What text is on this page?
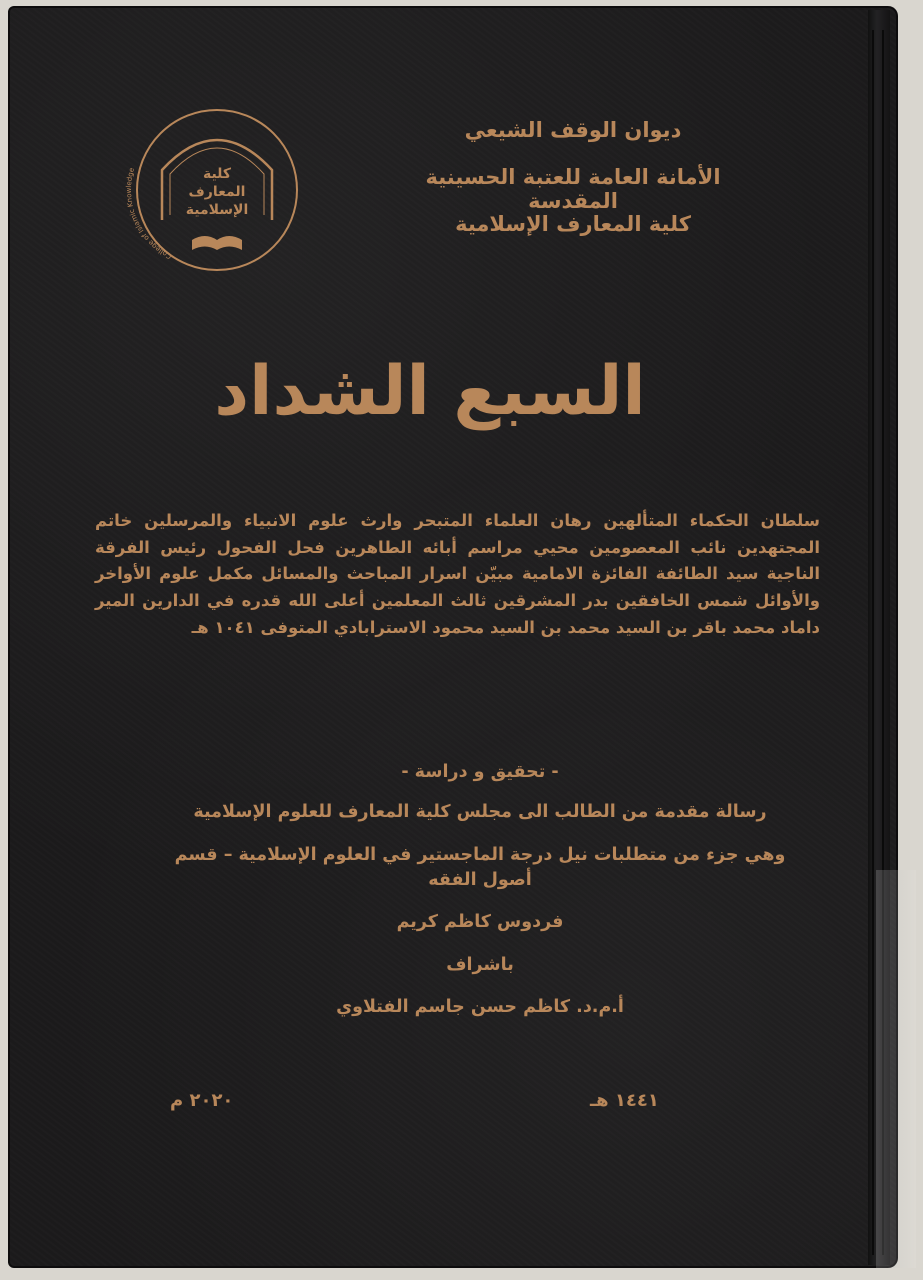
ديوان الوقف الشيعي
الأمانة العامة للعتبة الحسينية المقدسة
كلية المعارف الإسلامية
كلية
المعارف
الإسلامية
College of Islamic Knowledge
السبع الشداد
سلطان الحكماء المتألهين رهان العلماء المتبحر وارث علوم الانبياء والمرسلين خاتم المجتهدين نائب المعصومين محيي مراسم أبائه الطاهرين فحل الفحول رئيس الفرقة الناجية سيد الطائفة الفائزة الامامية مبيّن اسرار المباحث والمسائل مكمل علوم الأواخر والأوائل شمس الخافقين بدر المشرقين ثالث المعلمين أعلى الله قدره في الدارين المير داماد محمد باقر بن السيد محمد بن السيد محمود الاسترابادي المتوفى ١٠٤١ هـ
- تحقيق و دراسة -
رسالة مقدمة من الطالب الى مجلس كلية المعارف للعلوم الإسلامية
وهي جزء من متطلبات نيل درجة الماجستير في العلوم الإسلامية – قسم
أصول الفقه
فردوس كاظم كريم
باشراف
أ.م.د. كاظم حسن جاسم الفتلاوي
١٤٤١ هـ
٢٠٢٠ م
